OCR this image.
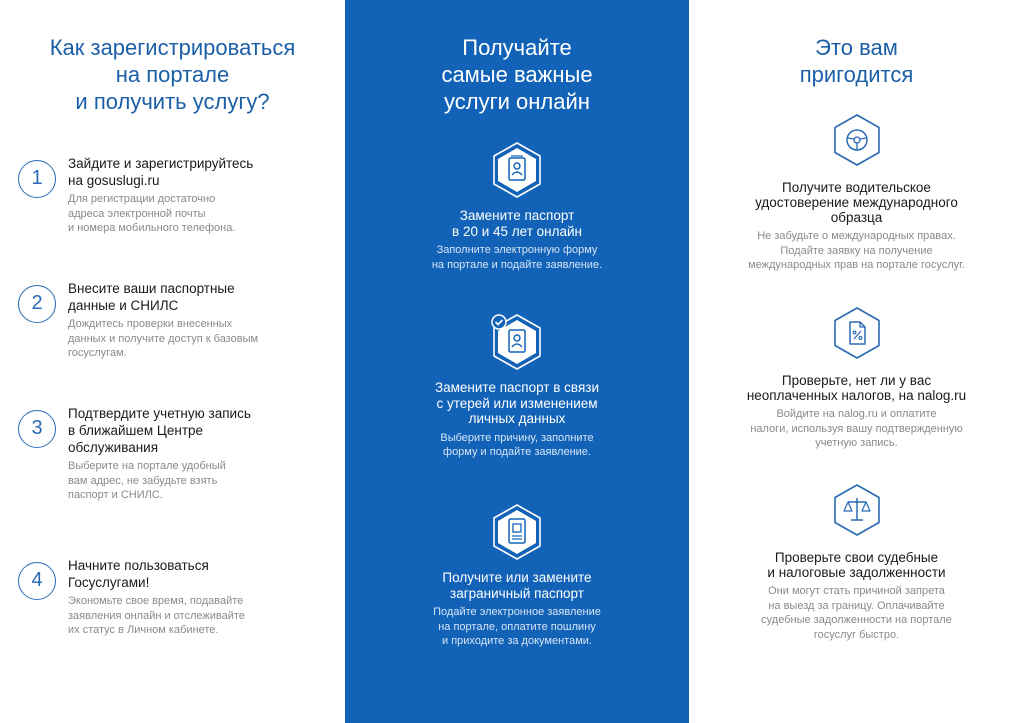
Как зарегистрироваться
на портале
и получить услугу?
1
Зайдите и зарегистрируйтесь
на gosuslugi.ru
Для регистрации достаточно
адреса электронной почты
и номера мобильного телефона.
2
Внесите ваши паспортные
данные и СНИЛС
Дождитесь проверки внесенных
данных и получите доступ к базовым
госуслугам.
3
Подтвердите учетную запись
в ближайшем Центре
обслуживания
Выберите на портале удобный
вам адрес, не забудьте взять
паспорт и СНИЛС.
4
Начните пользоваться
Госуслугами!
Экономьте свое время, подавайте
заявления онлайн и отслеживайте
их статус в Личном кабинете.
Получайте
самые важные
услуги онлайн
Замените паспорт
в 20 и 45 лет онлайн
Заполните электронную форму
на портале и подайте заявление.
Замените паспорт в связи
с утерей или изменением
личных данных
Выберите причину, заполните
форму и подайте заявление.
Получите или замените
заграничный паспорт
Подайте электронное заявление
на портале, оплатите пошлину
и приходите за документами.
Это вам
пригодится
Получите водительское
удостоверение международного
образца
Не забудьте о международных правах.
Подайте заявку на получение
международных прав на портале госуслуг.
Проверьте, нет ли у вас
неоплаченных налогов, на nalog.ru
Войдите на nalog.ru и оплатите
налоги, используя вашу подтвержденную
учетную запись.
Проверьте свои судебные
и налоговые задолженности
Они могут стать причиной запрета
на выезд за границу. Оплачивайте
судебные задолженности на портале
госуслуг быстро.
